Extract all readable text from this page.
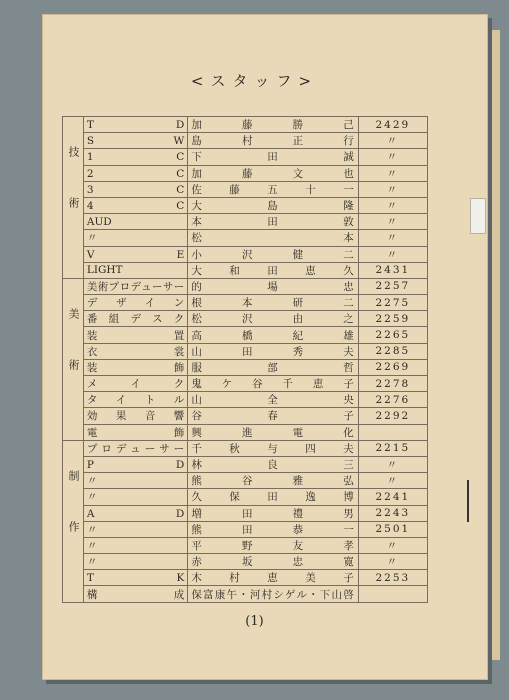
<スタッフ>
技術	T　D	加藤勝己	2429
	S　W	島村正行	〃
	1　C	下田誠	〃
	2　C	加藤文也	〃
	3　C	佐藤五十一	〃
	4　C	大島隆	〃
	AUD	本田敦	〃
	〃	松本	〃
	V　E	小沢健二	〃
	LIGHT	大和田恵久	2431
美術	美術プロデューサー	的場忠	2257
	デザイン	根本研二	2275
	番組デスク	松沢由之	2259
	装置	高橋紀雄	2265
	衣裳	山田秀夫	2285
	装飾	服部哲	2269
	メイク	鬼ケ谷千恵子	2278
	タイトル	山全央	2276
	効果音響	谷春子	2292
	電飾	興進電化	
制作	プロデューサー	千秋与四夫	2215
	P　D	林良三	〃
	〃	熊谷雅弘	〃
	〃	久保田逸博	2241
	A　D	増田禮男	2243
	〃	熊田恭一	2501
	〃	平野友孝	〃
	〃	赤坂忠寛	〃
	T　K	木村恵美子	2253
	構成	保富康午・河村シゲル・下山啓	
(1)
